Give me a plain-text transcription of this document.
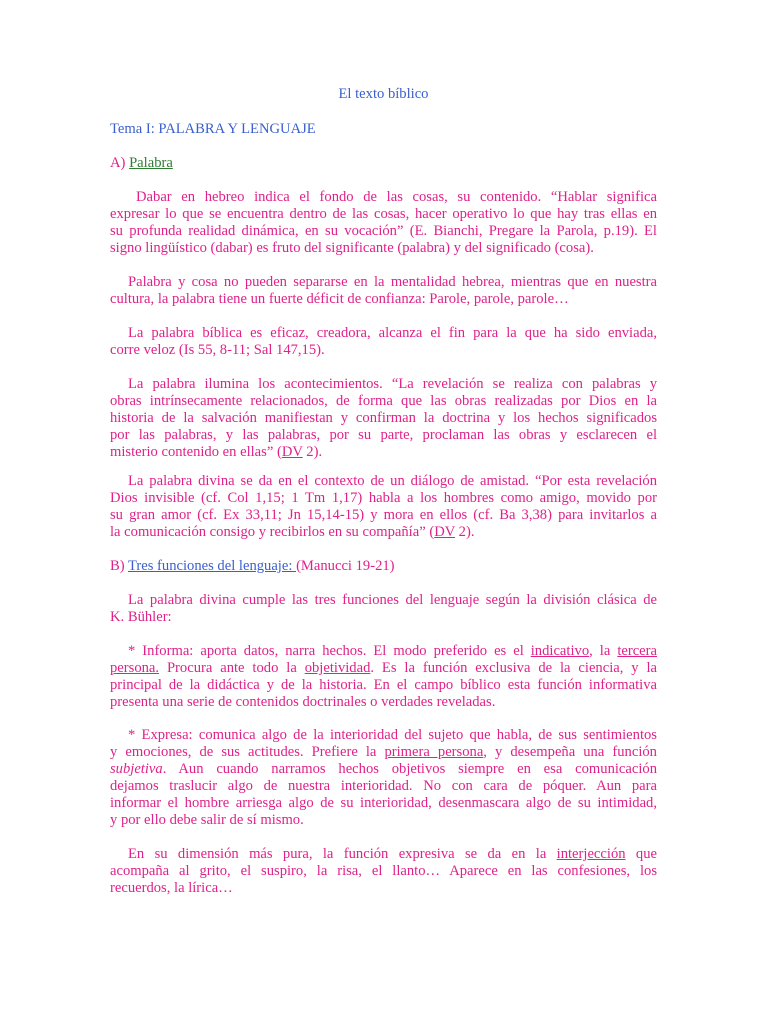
El texto bíblico

Tema I: PALABRA Y LENGUAJE

A) Palabra

Dabar en hebreo indica el fondo de las cosas, su contenido. “Hablar significa
expresar lo que se encuentra dentro de las cosas, hacer operativo lo que hay tras ellas en
su profunda realidad dinámica, en su vocación” (E. Bianchi, Pregare la Parola, p.19). El
signo lingüístico (dabar) es fruto del significante (palabra) y del significado (cosa).
Palabra y cosa no pueden separarse en la mentalidad hebrea, mientras que en nuestra
cultura, la palabra tiene un fuerte déficit de confianza: Parole, parole, parole…
La palabra bíblica es eficaz, creadora, alcanza el fin para la que ha sido enviada,
corre veloz (Is 55, 8-11; Sal 147,15).
La palabra ilumina los acontecimientos. “La revelación se realiza con palabras y
obras intrínsecamente relacionados, de forma que las obras realizadas por Dios en la
historia de la salvación manifiestan y confirman la doctrina y los hechos significados
por las palabras, y las palabras, por su parte, proclaman las obras y esclarecen el
misterio contenido en ellas” (DV 2).
La palabra divina se da en el contexto de un diálogo de amistad. “Por esta revelación
Dios invisible (cf. Col 1,15; 1 Tm 1,17) habla a los hombres como amigo, movido por
su gran amor (cf. Ex 33,11; Jn 15,14-15) y mora en ellos (cf. Ba 3,38) para invitarlos a
la comunicación consigo y recibirlos en su compañía” (DV 2).

B) Tres funciones del lenguaje: (Manucci 19-21)

La palabra divina cumple las tres funciones del lenguaje según la división clásica de
K. Bühler:
* Informa: aporta datos, narra hechos. El modo preferido es el indicativo, la tercera
persona. Procura ante todo la objetividad. Es la función exclusiva de la ciencia, y la
principal de la didáctica y de la historia. En el campo bíblico esta función informativa
presenta una serie de contenidos doctrinales o verdades reveladas.
* Expresa: comunica algo de la interioridad del sujeto que habla, de sus sentimientos
y emociones, de sus actitudes. Prefiere la primera persona, y desempeña una función
subjetiva. Aun cuando narramos hechos objetivos siempre en esa comunicación
dejamos traslucir algo de nuestra interioridad. No con cara de póquer. Aun para
informar el hombre arriesga algo de su interioridad, desenmascara algo de su intimidad,
y por ello debe salir de sí mismo.
En su dimensión más pura, la función expresiva se da en la interjección que
acompaña al grito, el suspiro, la risa, el llanto… Aparece en las confesiones, los
recuerdos, la lírica…
